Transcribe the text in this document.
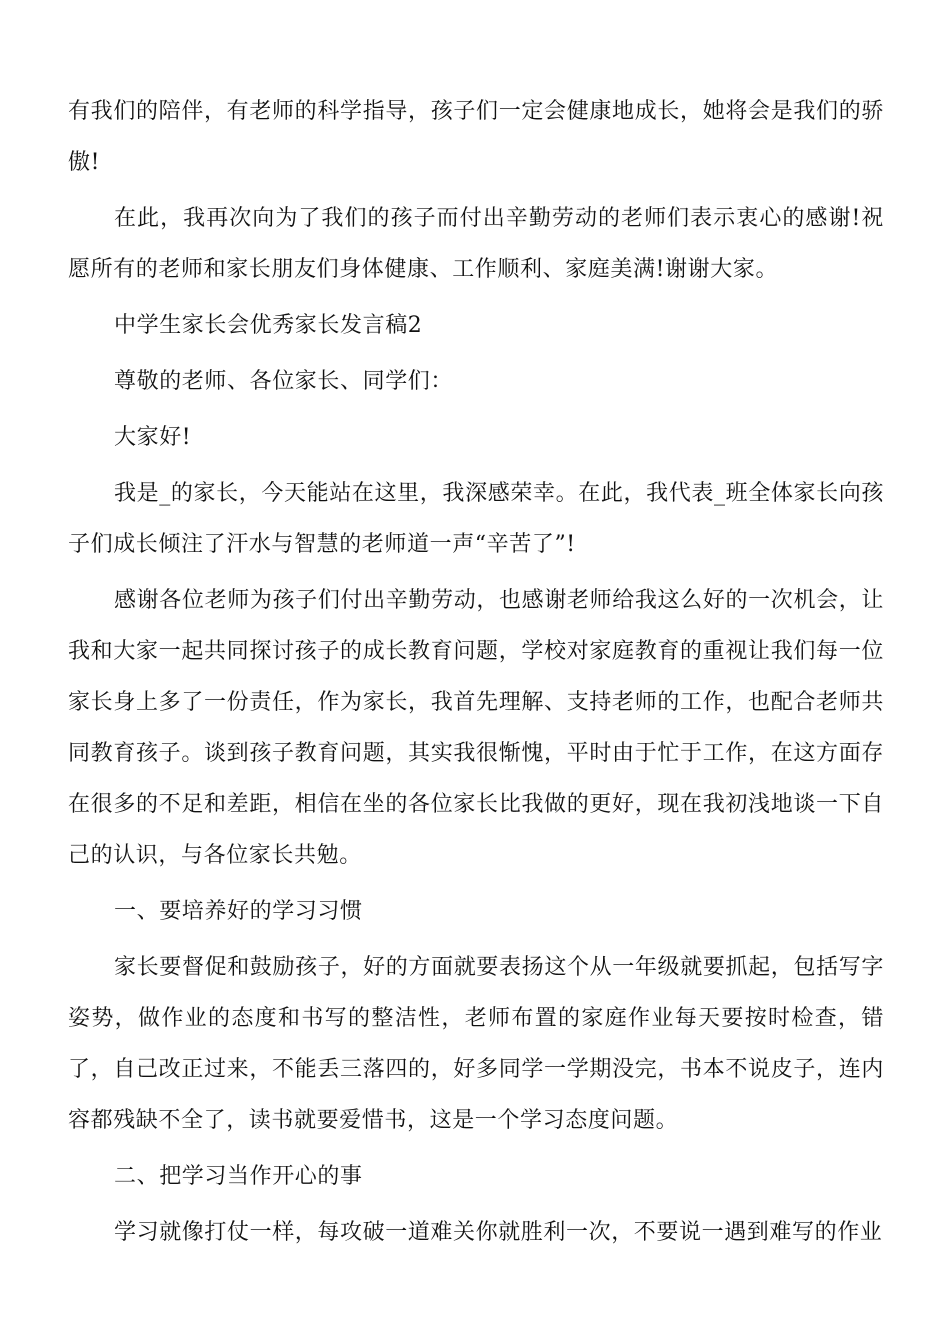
有我们的陪伴，有老师的科学指导，孩子们一定会健康地成长，她将会是我们的骄傲!

在此，我再次向为了我们的孩子而付出辛勤劳动的老师们表示衷心的感谢!祝愿所有的老师和家长朋友们身体健康、工作顺利、家庭美满!谢谢大家。

中学生家长会优秀家长发言稿2

尊敬的老师、各位家长、同学们：

大家好!

我是_的家长，今天能站在这里，我深感荣幸。在此，我代表_班全体家长向孩子们成长倾注了汗水与智慧的老师道一声“辛苦了”!

感谢各位老师为孩子们付出辛勤劳动，也感谢老师给我这么好的一次机会，让我和大家一起共同探讨孩子的成长教育问题，学校对家庭教育的重视让我们每一位家长身上多了一份责任，作为家长，我首先理解、支持老师的工作，也配合老师共同教育孩子。谈到孩子教育问题，其实我很惭愧，平时由于忙于工作，在这方面存在很多的不足和差距，相信在坐的各位家长比我做的更好，现在我初浅地谈一下自己的认识，与各位家长共勉。

一、要培养好的学习习惯

家长要督促和鼓励孩子，好的方面就要表扬这个从一年级就要抓起，包括写字姿势，做作业的态度和书写的整洁性，老师布置的家庭作业每天要按时检查，错了，自己改正过来，不能丢三落四的，好多同学一学期没完，书本不说皮子，连内容都残缺不全了，读书就要爱惜书，这是一个学习态度问题。

二、把学习当作开心的事

学习就像打仗一样，每攻破一道难关你就胜利一次，不要说一遇到难写的作业
